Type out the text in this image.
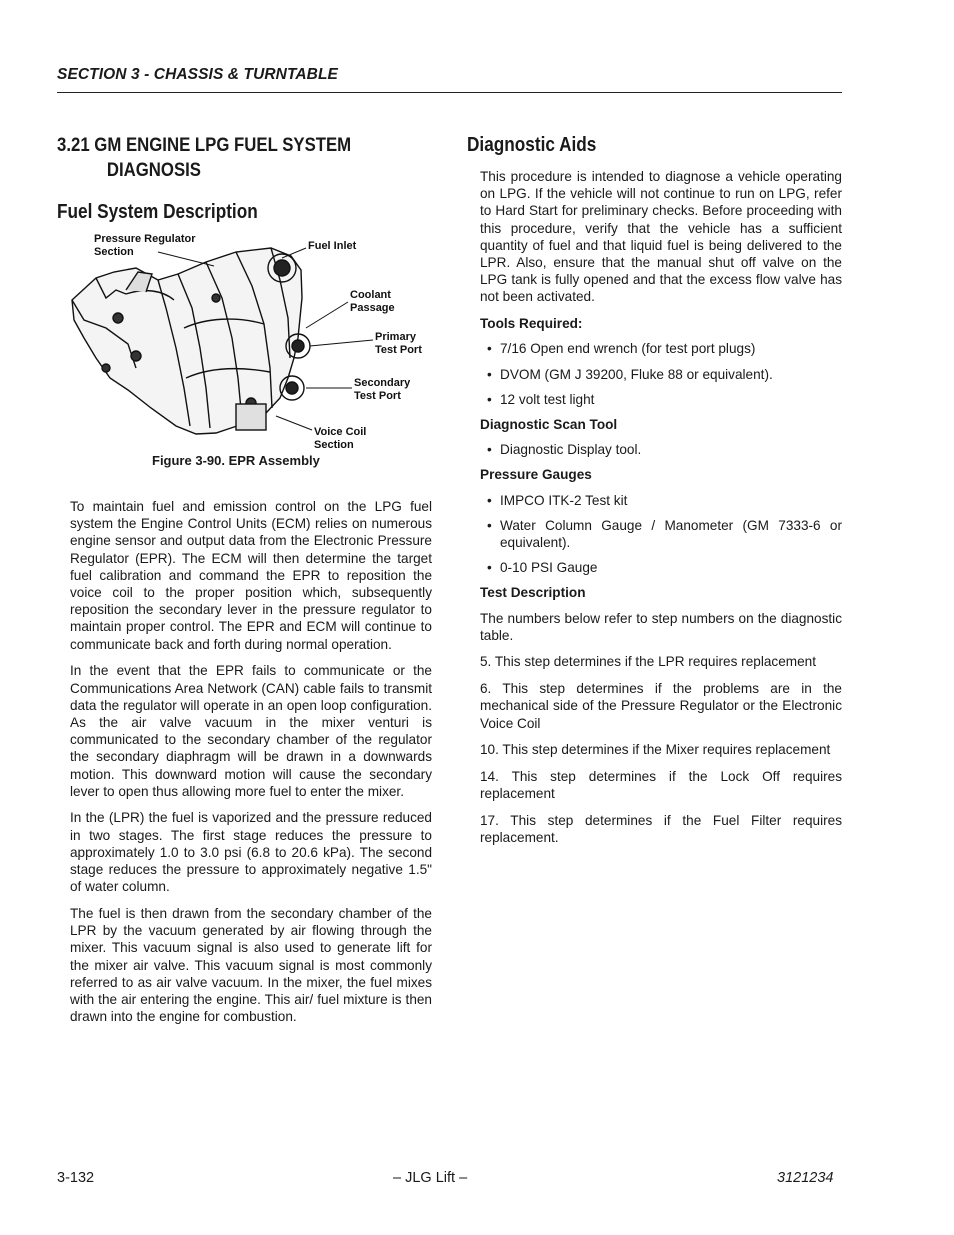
SECTION 3 - CHASSIS & TURNTABLE
3.21 GM ENGINE LPG FUEL SYSTEM
DIAGNOSIS
Fuel System Description
Pressure Regulator
Section	Fuel Inlet
Coolant
Passage
Primary
Test Port
Secondary
Test Port
Voice Coil
Section
Figure 3-90. EPR Assembly

To maintain fuel and emission control on the LPG fuel system the Engine Control Units (ECM) relies on numerous engine sensor and output data from the Electronic Pressure Regulator (EPR). The ECM will then determine the target fuel calibration and command the EPR to reposition the voice coil to the proper position which, subsequently reposition the secondary lever in the pressure regulator to maintain proper control. The EPR and ECM will continue to communicate back and forth during normal operation.

In the event that the EPR fails to communicate or the Communications Area Network (CAN) cable fails to transmit data the regulator will operate in an open loop configuration. As the air valve vacuum in the mixer venturi is communicated to the secondary chamber of the regulator the secondary diaphragm will be drawn in a downwards motion. This downward motion will cause the secondary lever to open thus allowing more fuel to enter the mixer.

In the (LPR) the fuel is vaporized and the pressure reduced in two stages. The first stage reduces the pressure to approximately 1.0 to 3.0 psi (6.8 to 20.6 kPa). The second stage reduces the pressure to approximately negative 1.5" of water column.

The fuel is then drawn from the secondary chamber of the LPR by the vacuum generated by air flowing through the mixer. This vacuum signal is also used to generate lift for the mixer air valve. This vacuum signal is most commonly referred to as air valve vacuum. In the mixer, the fuel mixes with the air entering the engine. This air/ fuel mixture is then drawn into the engine for combustion.

Diagnostic Aids

This procedure is intended to diagnose a vehicle operating on LPG. If the vehicle will not continue to run on LPG, refer to Hard Start for preliminary checks. Before proceeding with this procedure, verify that the vehicle has a sufficient quantity of fuel and that liquid fuel is being delivered to the LPR. Also, ensure that the manual shut off valve on the LPG tank is fully opened and that the excess flow valve has not been activated.

Tools Required:
• 7/16 Open end wrench (for test port plugs)
• DVOM (GM J 39200, Fluke 88 or equivalent).
• 12 volt test light
Diagnostic Scan Tool
• Diagnostic Display tool.
Pressure Gauges
• IMPCO ITK-2 Test kit
• Water Column Gauge / Manometer (GM 7333-6 or equivalent).
• 0-10 PSI Gauge
Test Description

The numbers below refer to step numbers on the diagnostic table.

5. This step determines if the LPR requires replacement

6. This step determines if the problems are in the mechanical side of the Pressure Regulator or the Electronic Voice Coil

10. This step determines if the Mixer requires replacement

14. This step determines if the Lock Off requires replacement

17. This step determines if the Fuel Filter requires replacement.

3-132	– JLG Lift –	3121234
